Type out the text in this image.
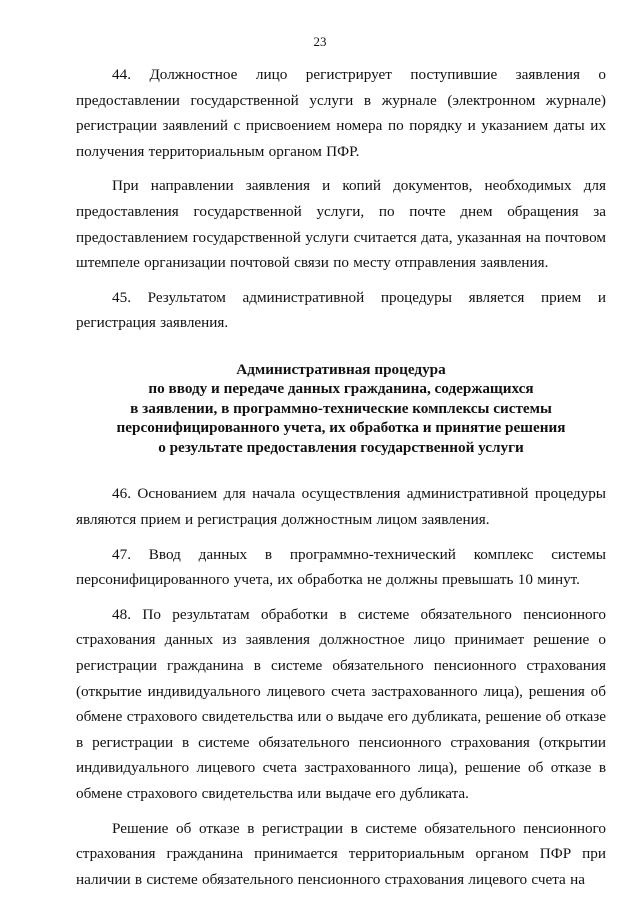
23

44. Должностное лицо регистрирует поступившие заявления о предоставлении государственной услуги в журнале (электронном журнале) регистрации заявлений с присвоением номера по порядку и указанием даты их получения территориальным органом ПФР.

При направлении заявления и копий документов, необходимых для предоставления государственной услуги, по почте днем обращения за предоставлением государственной услуги считается дата, указанная на почтовом штемпеле организации почтовой связи по месту отправления заявления.

45. Результатом административной процедуры является прием и регистрация заявления.

Административная процедура
по вводу и передаче данных гражданина, содержащихся
в заявлении, в программно-технические комплексы системы
персонифицированного учета, их обработка и принятие решения
о результате предоставления государственной услуги

46. Основанием для начала осуществления административной процедуры являются прием и регистрация должностным лицом заявления.

47. Ввод данных в программно-технический комплекс системы персонифицированного учета, их обработка не должны превышать 10 минут.

48. По результатам обработки в системе обязательного пенсионного страхования данных из заявления должностное лицо принимает решение о регистрации гражданина в системе обязательного пенсионного страхования (открытие индивидуального лицевого счета застрахованного лица), решения об обмене страхового свидетельства или о выдаче его дубликата, решение об отказе в регистрации в системе обязательного пенсионного страхования (открытии индивидуального лицевого счета застрахованного лица), решение об отказе в обмене страхового свидетельства или выдаче его дубликата.

Решение об отказе в регистрации в системе обязательного пенсионного страхования гражданина принимается территориальным органом ПФР при наличии в системе обязательного пенсионного страхования лицевого счета на
